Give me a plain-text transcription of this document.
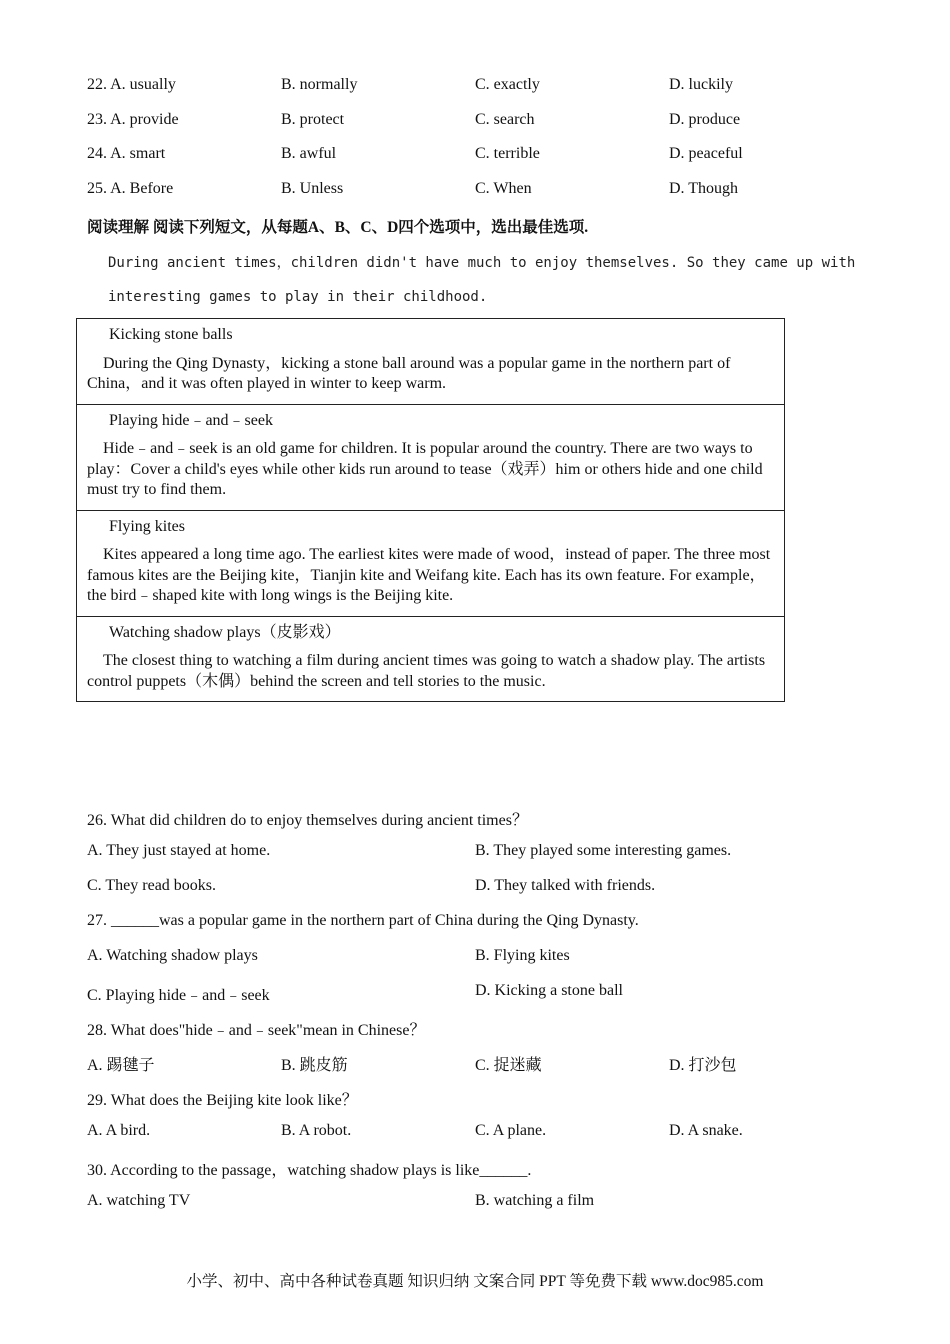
22. A. usually	B. normally	C. exactly	D. luckily
23. A. provide	B. protect	C. search	D. produce
24. A. smart	B. awful	C. terrible	D. peaceful
25. A. Before	B. Unless	C. When	D. Though
阅读理解 阅读下列短文，从每题A、B、C、D四个选项中，选出最佳选项.
During ancient times，children didn't have much to enjoy themselves. So they came up with
interesting games to play in their childhood.
Kicking stone balls
During the Qing Dynasty，kicking a stone ball around was a popular game in the northern part of China，and it was often played in winter to keep warm.
Playing hide﹣and﹣seek
Hide﹣and﹣seek is an old game for children. It is popular around the country. There are two ways to play：Cover a child's eyes while other kids run around to tease（戏弄）him or others hide and one child must try to find them.
Flying kites
Kites appeared a long time ago. The earliest kites were made of wood，instead of paper. The three most famous kites are the Beijing kite，Tianjin kite and Weifang kite. Each has its own feature. For example，the bird﹣shaped kite with long wings is the Beijing kite.
Watching shadow plays（皮影戏）
The closest thing to watching a film during ancient times was going to watch a shadow play. The artists control puppets（木偶）behind the screen and tell stories to the music.
26. What did children do to enjoy themselves during ancient times？
A. They just stayed at home.	B. They played some interesting games.
C. They read books.	D. They talked with friends.
27. ______was a popular game in the northern part of China during the Qing Dynasty.
A. Watching shadow plays	B. Flying kites
C. Playing hide﹣and﹣seek	D. Kicking a stone ball
28. What does"hide﹣and﹣seek"mean in Chinese？
A. 踢毽子	B. 跳皮筋	C. 捉迷藏	D. 打沙包
29. What does the Beijing kite look like？
A. A bird.	B. A robot.	C. A plane.	D. A snake.
30. According to the passage，watching shadow plays is like______.
A. watching TV	B. watching a film
小学、初中、高中各种试卷真题 知识归纳 文案合同 PPT 等免费下载 www.doc985.com
